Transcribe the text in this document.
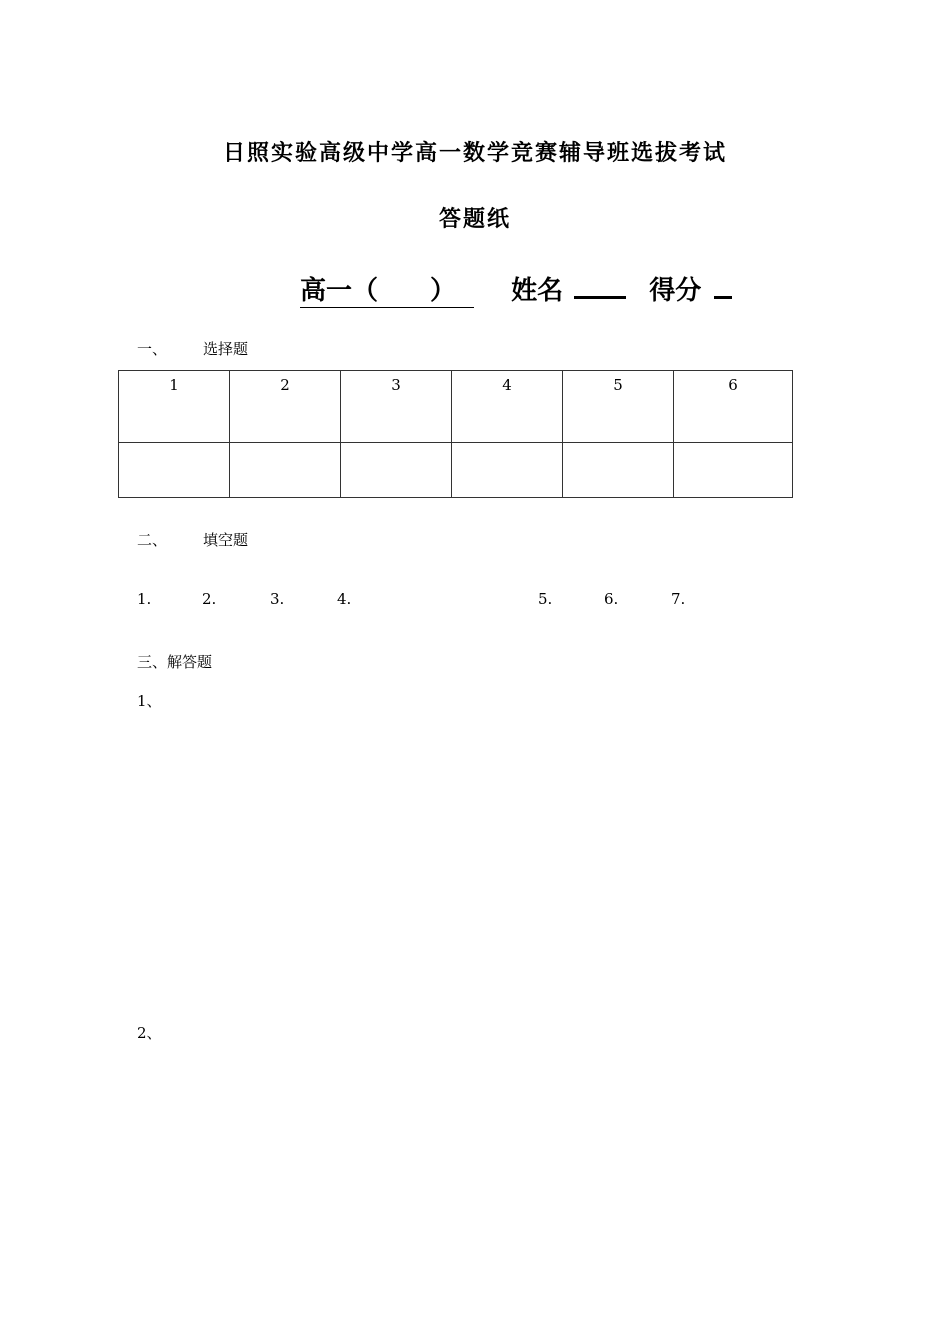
日照实验高级中学高一数学竞赛辅导班选拔考试
答题纸
高一（　　） 姓名	得分
一、 选择题
1	2	3	4	5	6

二、 填空题
1.	2.	3.	4.	5.	6.	7.
三、解答题
1、
2、
